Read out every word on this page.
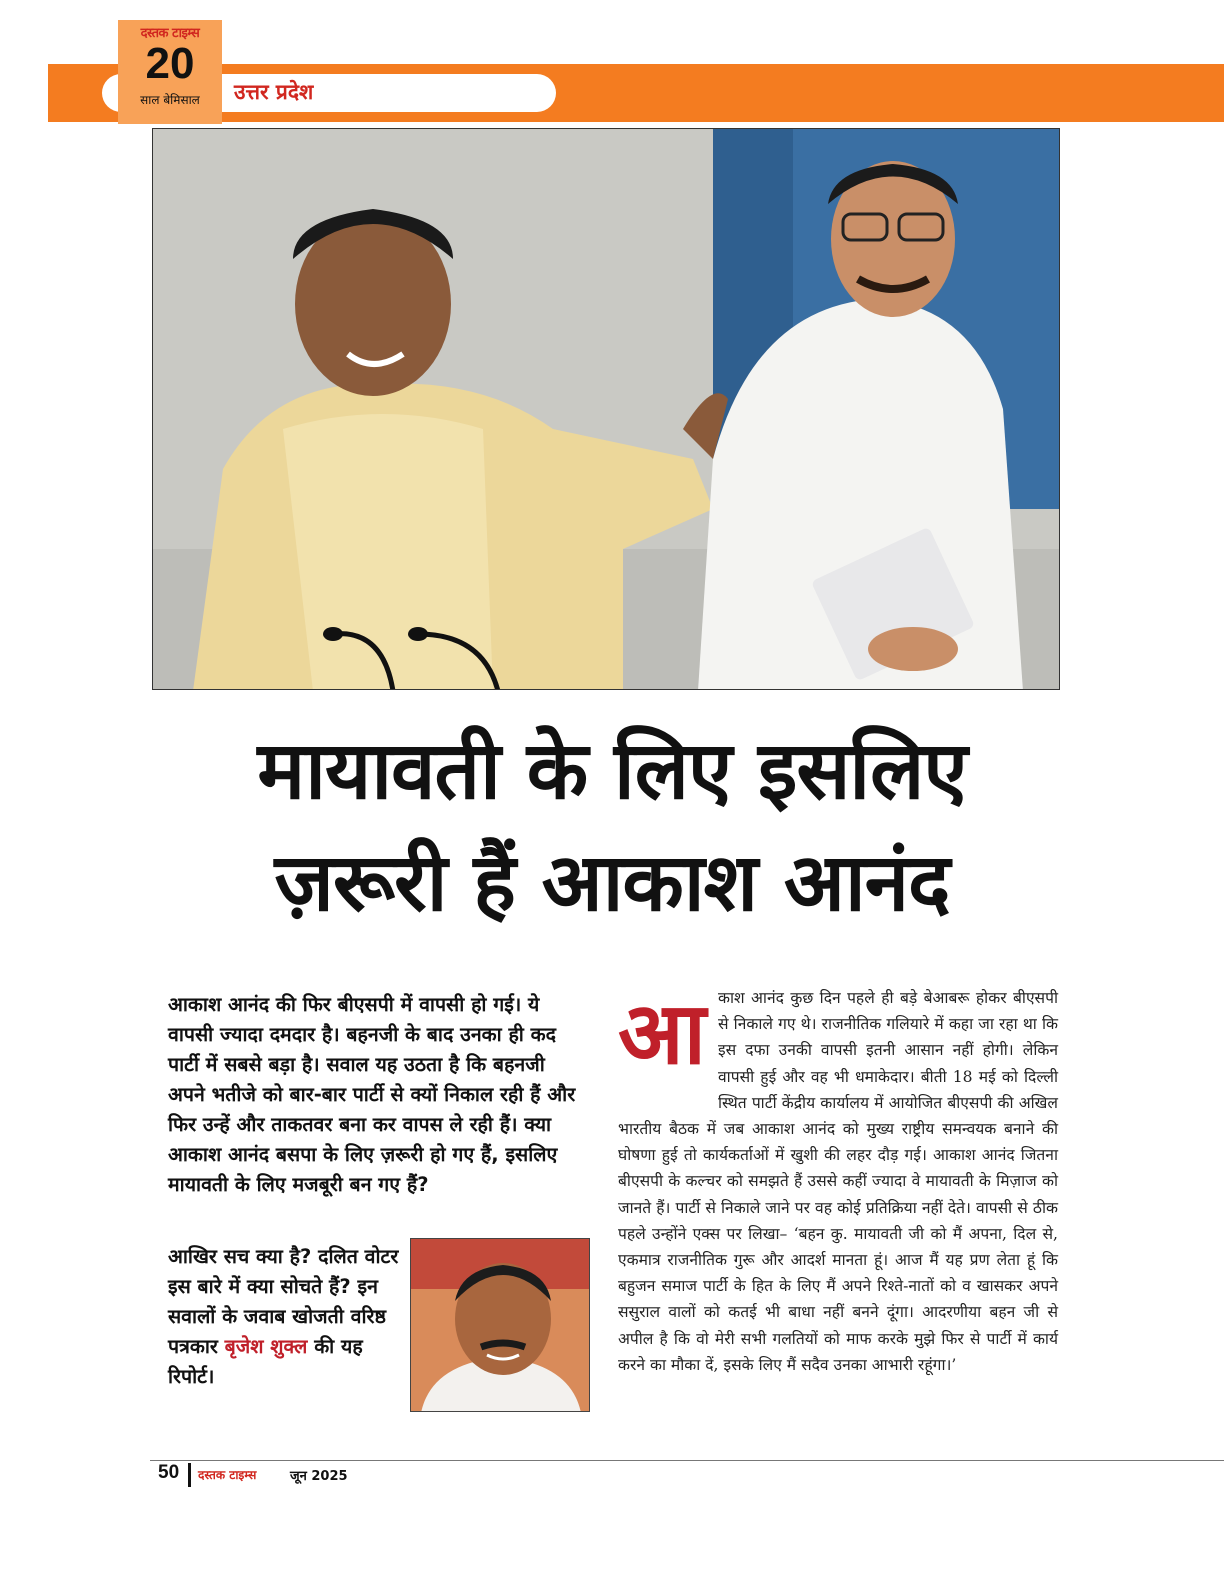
उत्तर प्रदेश
दस्तक टाइम्स
20
साल बेमिसाल
मायावती के लिए इसलिए
ज़रूरी हैं आकाश आनंद
आकाश आनंद की फिर बीएसपी में वापसी हो गई। ये वापसी ज्यादा दमदार है। बहनजी के बाद उनका ही कद पार्टी में सबसे बड़ा है। सवाल यह उठता है कि बहनजी अपने भतीजे को बार-बार पार्टी से क्यों निकाल रही हैं और फिर उन्हें और ताकतवर बना कर वापस ले रही हैं। क्या आकाश आनंद बसपा के लिए ज़रूरी हो गए हैं, इसलिए मायावती के लिए मजबूरी बन गए हैं?
आखिर सच क्या है? दलित वोटर इस बारे में क्या सोचते हैं? इन सवालों के जवाब खोजती वरिष्ठ पत्रकार बृजेश शुक्ल की यह रिपोर्ट।
आ काश आनंद कुछ दिन पहले ही बड़े बेआबरू होकर बीएसपी से निकाले गए थे। राजनीतिक गलियारे में कहा जा रहा था कि इस दफा उनकी वापसी इतनी आसान नहीं होगी। लेकिन वापसी हुई और वह भी धमाकेदार। बीती 18 मई को दिल्ली स्थित पार्टी केंद्रीय कार्यालय में आयोजित बीएसपी की अखिल भारतीय बैठक में जब आकाश आनंद को मुख्य राष्ट्रीय समन्वयक बनाने की घोषणा हुई तो कार्यकर्ताओं में खुशी की लहर दौड़ गई। आकाश आनंद जितना बीएसपी के कल्चर को समझते हैं उससे कहीं ज्यादा वे मायावती के मिज़ाज को जानते हैं। पार्टी से निकाले जाने पर वह कोई प्रतिक्रिया नहीं देते। वापसी से ठीक पहले उन्होंने एक्स पर लिखा– ‘बहन कु. मायावती जी को मैं अपना, दिल से, एकमात्र राजनीतिक गुरू और आदर्श मानता हूं। आज मैं यह प्रण लेता हूं कि बहुजन समाज पार्टी के हित के लिए मैं अपने रिश्ते-नातों को व खासकर अपने ससुराल वालों को कतई भी बाधा नहीं बनने दूंगा। आदरणीया बहन जी से अपील है कि वो मेरी सभी गलतियों को माफ करके मुझे फिर से पार्टी में कार्य करने का मौका दें, इसके लिए मैं सदैव उनका आभारी रहूंगा।’
50 दस्तक टाइम्स	जून 2025
